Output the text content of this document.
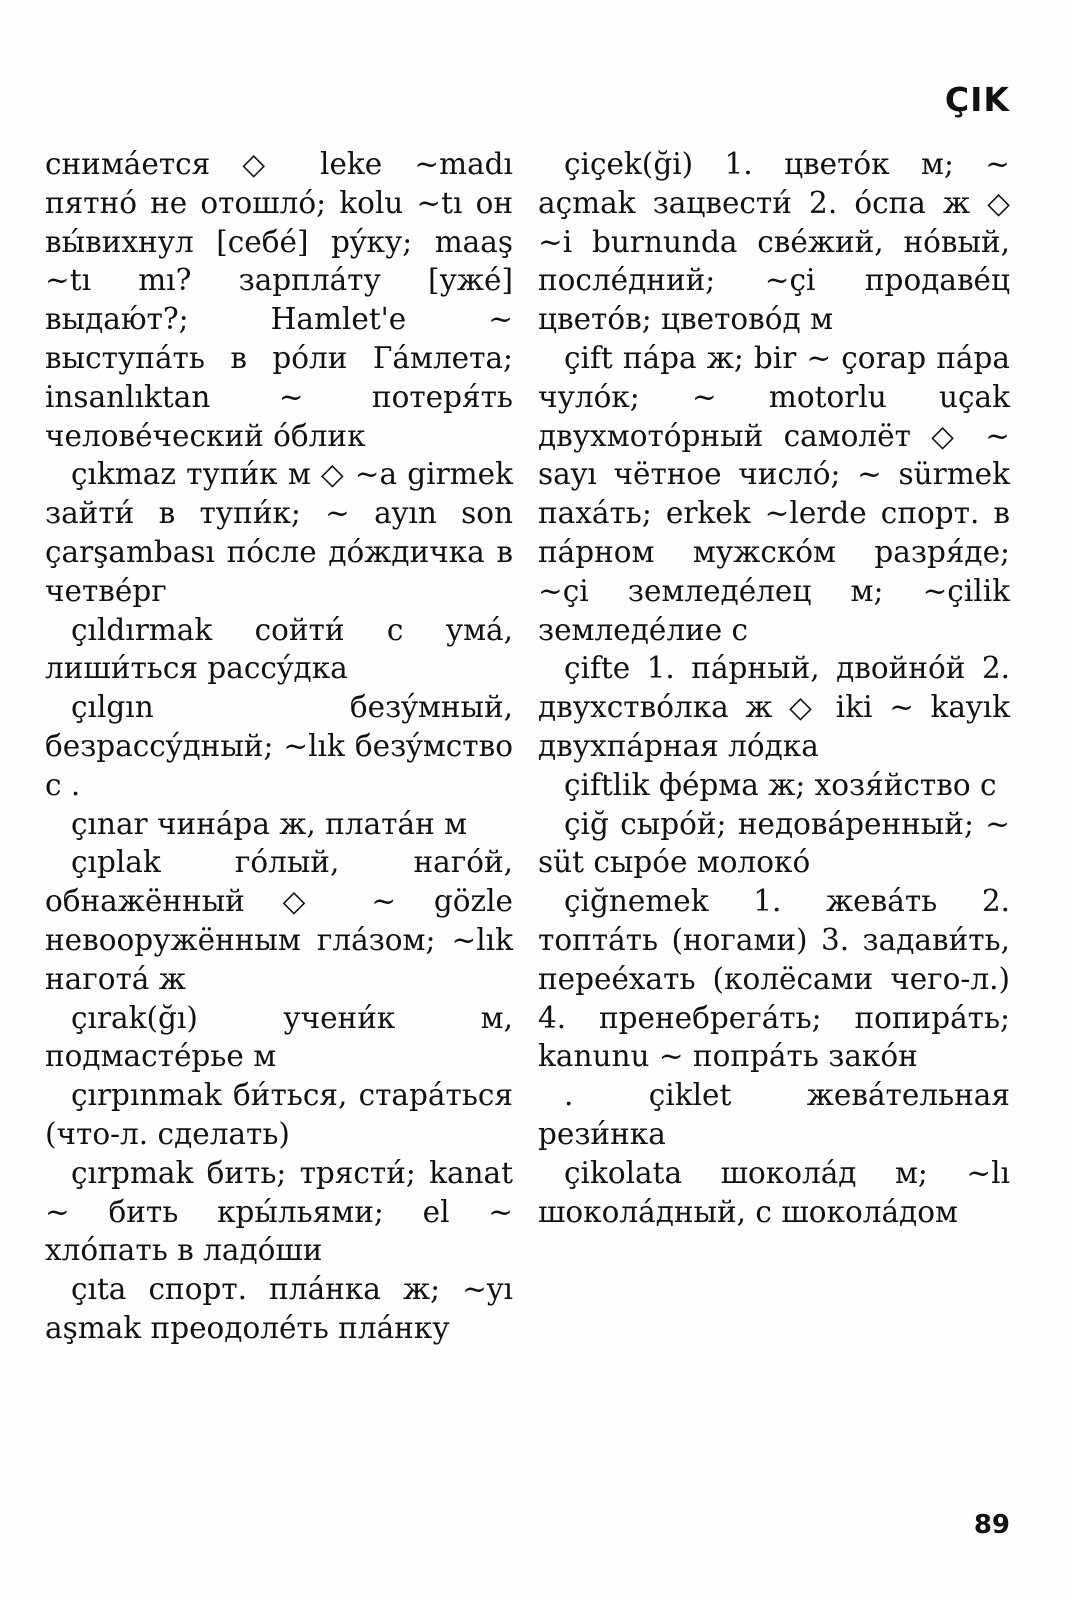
ÇIK

снимáется ◇ leke ∼madı пятнó не отошлó; kolu ∼tı он вы́вихнул [себé] рýку; maaş ∼tı mı? зарплáту [ужé] выдаю́т?; Hamlet'e ∼ выступáть в рóли Гáмлета; insanlıktan ∼ потеря́ть человéческий óблик

çıkmaz тупи́к м ◇ ∼a girmek зайти́ в тупи́к; ∼ ayın son çarşambası пóсле дóждичка в четвéрг

çıldırmak сойти́ с умá, лиши́ться рассýдка

çılgın безýмный, безрассýдный; ∼lık безýмство с .

çınar чинáра ж, платáн м

çıplak гóлый, нагóй, обнажённый ◇ ∼ gözle невооружённым глáзом; ∼lık наготá ж

çırak(ğı) учени́к м, подмастéрье м

çırpınmak би́ться, старáться (что-л. сделать)

çırpmak бить; трясти́; kanat ∼ бить кры́льями; el ∼ хлóпать в ладóши

çıta спорт. плáнка ж; ∼yı aşmak преодолéть плáнку

çiçek(ği) 1. цветóк м; ∼ açmak зацвести́ 2. óспа ж ◇ ∼i burnunda свéжий, нóвый, послéдний; ∼çi продавéц цветóв; цветовóд м

çift пáра ж; bir ∼ çorap пáра чулóк; ∼ motorlu uçak двухмотóрный самолёт ◇ ∼ sayı чётное числó; ∼ sürmek пахáть; erkek ∼lerde спорт. в пáрном мужскóм разря́де; ∼çi земледе́лец м; ∼çilik земледе́лие с

çifte 1. пáрный, двойнóй 2. двухствóлка ж ◇ iki ∼ kayık двухпáрная лóдка

çiftlik фéрма ж; хозя́йство с

çiğ сырóй; недовáренный; ∼ süt сырóе молокó

çiğnemek 1. жевáть 2. топтáть (ногами) 3. задави́ть, переéхать (колёсами чего-л.) 4. пренебрегáть; попирáть; kanunu ∼ попрáть закóн

. çiklet жевáтельная рези́нка

çikolata шоколáд м; ∼lı шоколáдный, с шоколáдом

89
